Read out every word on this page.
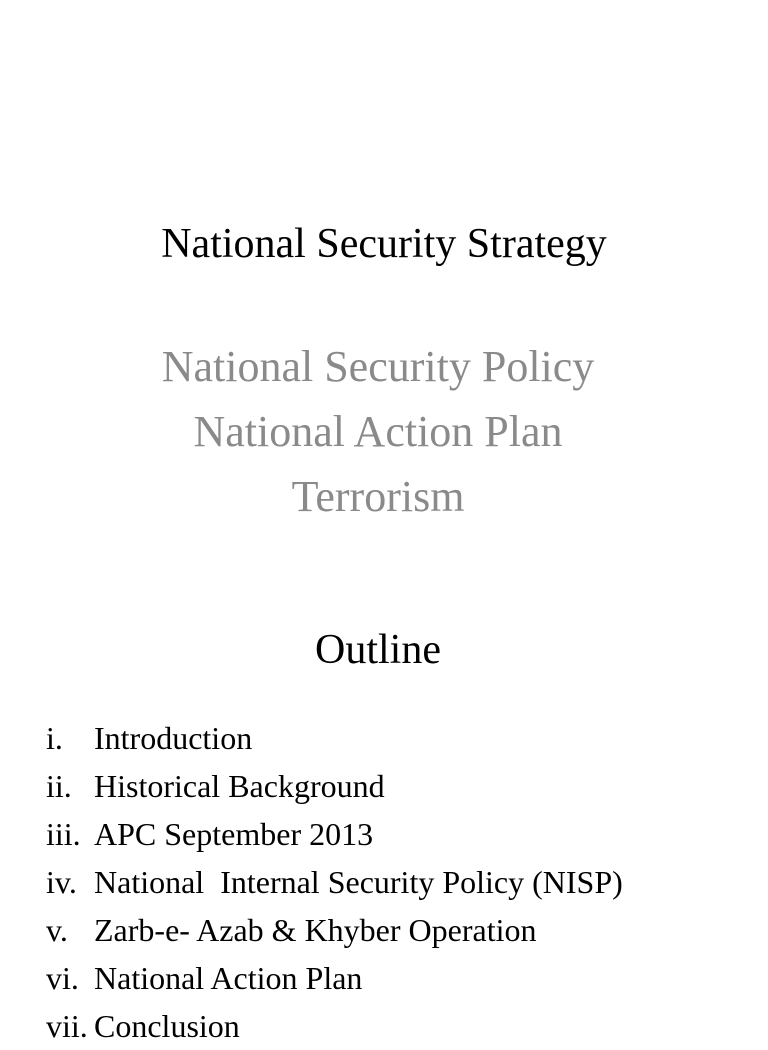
National Security Strategy
National Security Policy
National Action Plan
Terrorism
Outline
i. Introduction
ii. Historical Background
iii. APC September 2013
iv. National  Internal Security Policy (NISP)
v. Zarb-e- Azab & Khyber Operation
vi. National Action Plan
vii. Conclusion
